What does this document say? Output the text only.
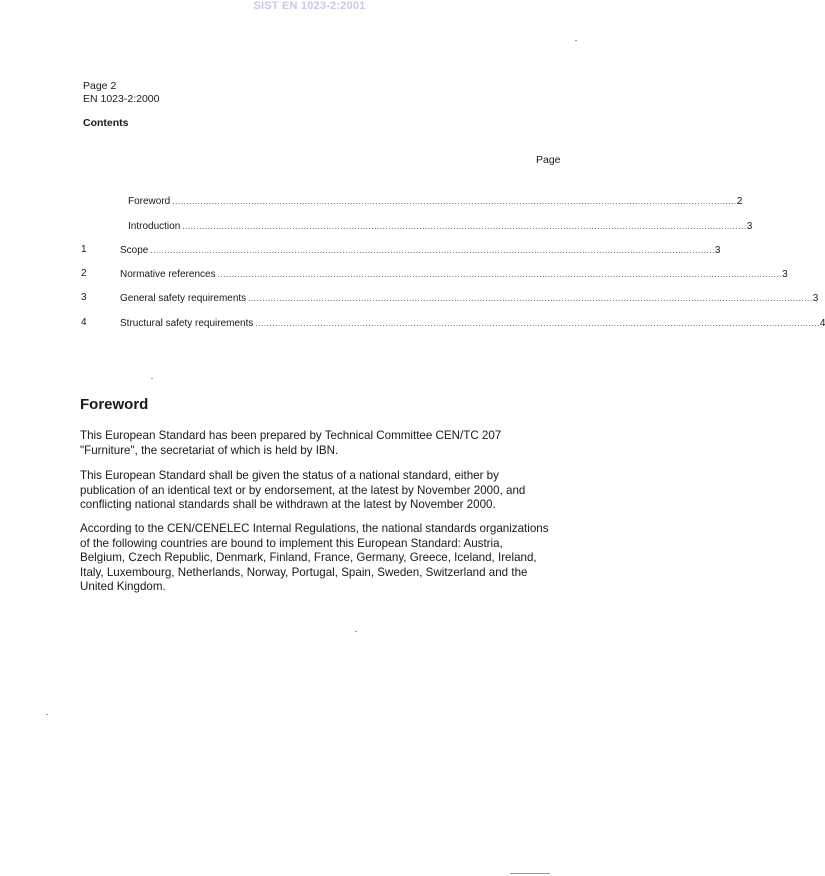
SIST EN 1023-2:2001
Page 2
EN 1023-2:2000
Contents
Page
Foreword ........................................................................................................................................................................................................ 2
Introduction ........................................................................................................................................................................................................ 3
1	Scope ........................................................................................................................................................................................................ 3
2	Normative references ........................................................................................................................................................................................................ 3
3	General safety requirements ........................................................................................................................................................................................................ 3
4	Structural safety requirements ........................................................................................................................................................................................................ 4
Foreword
This European Standard has been prepared by Technical Committee CEN/TC 207 "Furniture", the secretariat of which is held by IBN.
This European Standard shall be given the status of a national standard, either by publication of an identical text or by endorsement, at the latest by November 2000, and conflicting national standards shall be withdrawn at the latest by November 2000.
According to the CEN/CENELEC Internal Regulations, the national standards organizations of the following countries are bound to implement this European Standard: Austria, Belgium, Czech Republic, Denmark, Finland, France, Germany, Greece, Iceland, Ireland, Italy, Luxembourg, Netherlands, Norway, Portugal, Spain, Sweden, Switzerland and the United Kingdom.
